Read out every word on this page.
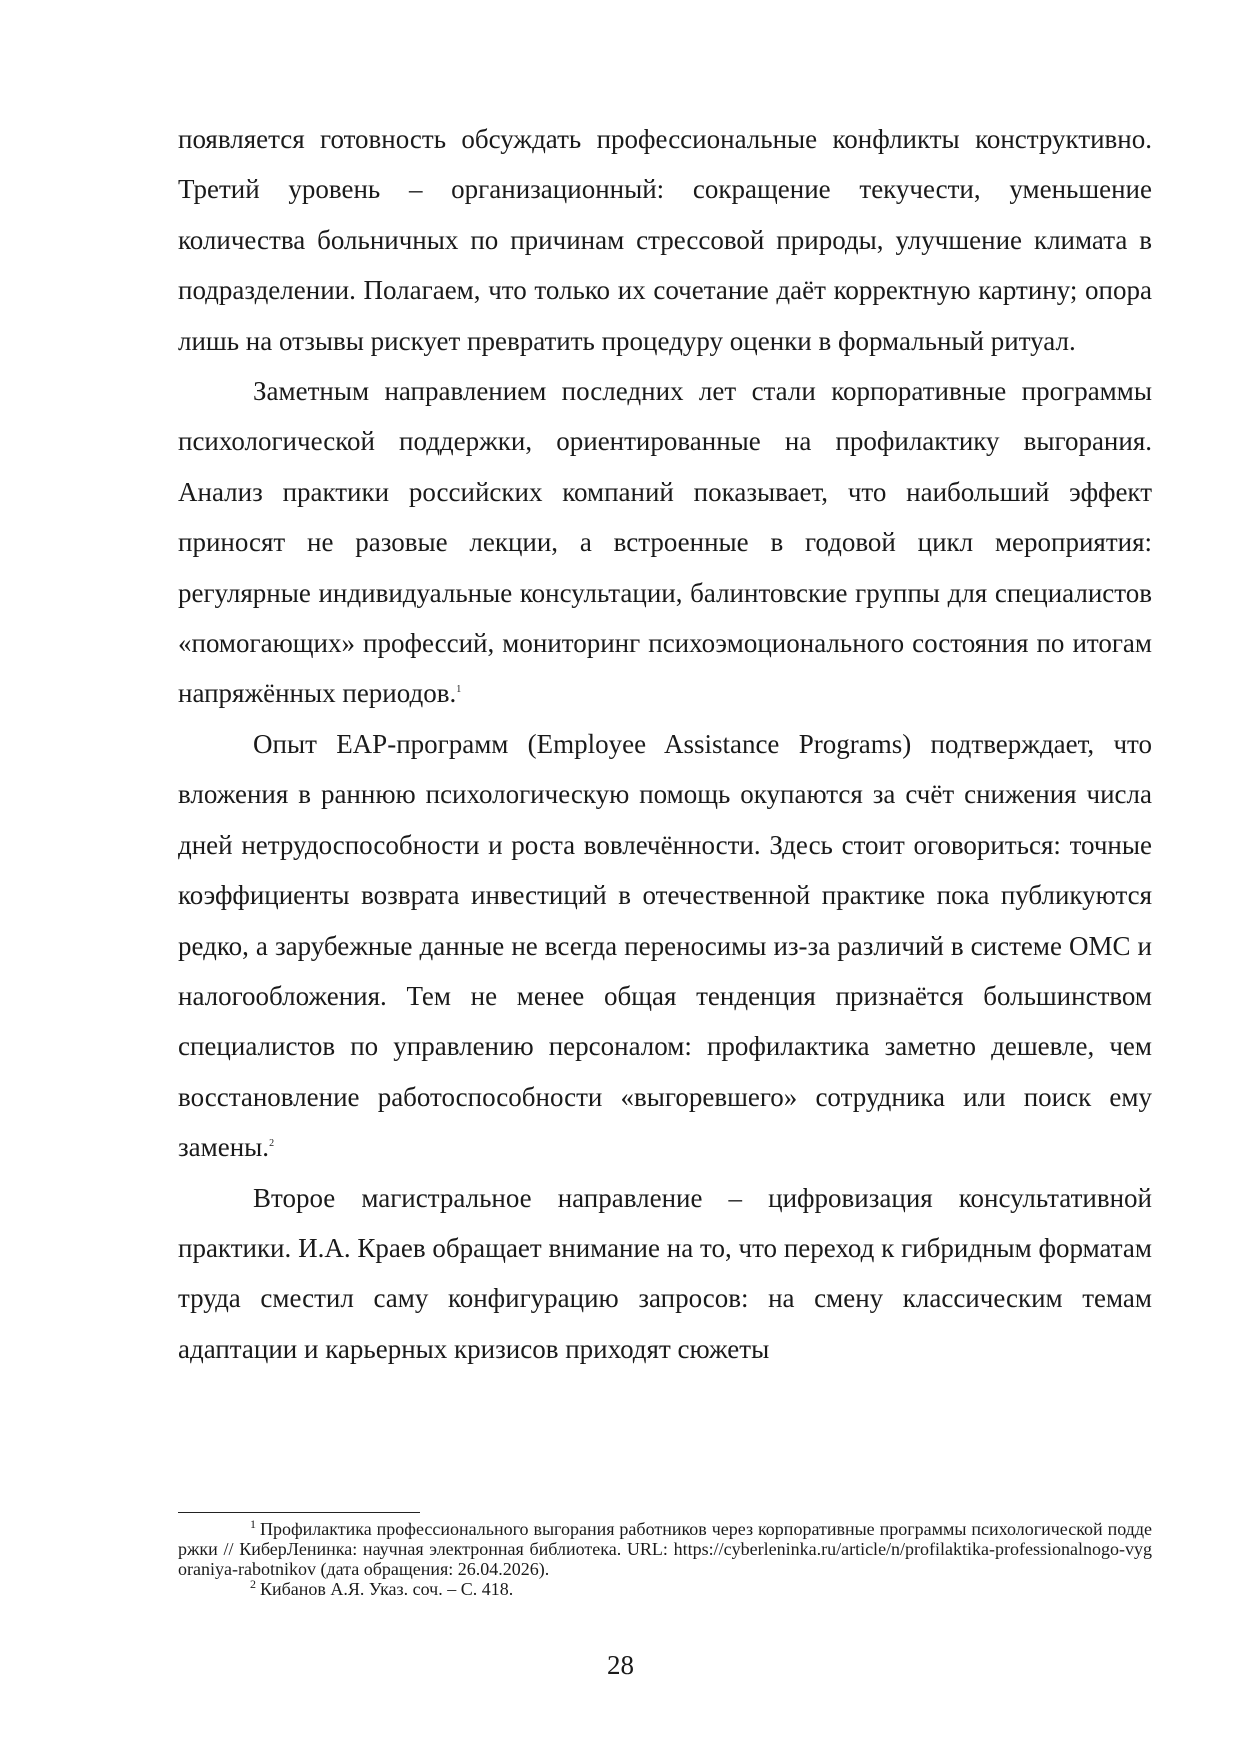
появляется готовность обсуждать профессиональные конфликты конструктивно. Третий уровень – организационный: сокращение текучести, уменьшение количества больничных по причинам стрессовой природы, улучшение климата в подразделении. Полагаем, что только их сочетание даёт корректную картину; опора лишь на отзывы рискует превратить процедуру оценки в формальный ритуал.

Заметным направлением последних лет стали корпоративные программы психологической поддержки, ориентированные на профилактику выгорания. Анализ практики российских компаний показывает, что наибольший эффект приносят не разовые лекции, а встроенные в годовой цикл мероприятия: регулярные индивидуальные консультации, балинтовские группы для специалистов «помогающих» профессий, мониторинг психоэмоционального состояния по итогам напряжённых периодов.$^1$

Опыт EAP-программ (Employee Assistance Programs) подтверждает, что вложения в раннюю психологическую помощь окупаются за счёт снижения числа дней нетрудоспособности и роста вовлечённости. Здесь стоит оговориться: точные коэффициенты возврата инвестиций в отечественной практике пока публикуются редко, а зарубежные данные не всегда переносимы из-за различий в системе ОМС и налогообложения. Тем не менее общая тенденция признаётся большинством специалистов по управлению персоналом: профилактика заметно дешевле, чем восстановление работоспособности «выгоревшего» сотрудника или поиск ему замены.$^2$

Второе магистральное направление – цифровизация консультативной практики. И.А. Краев обращает внимание на то, что переход к гибридным форматам труда сместил саму конфигурацию запросов: на смену классическим темам адаптации и карьерных кризисов приходят сюжеты

$^1$ Профилактика профессионального выгорания работников через корпоративные программы психологической поддержки // КиберЛенинка: научная электронная библиотека. URL: https://cyberleninka.ru/article/n/profilaktika-professionalnogo-vygoraniya-rabotnikov (дата обращения: 26.04.2026).

$^2$ Кибанов А.Я. Указ. соч. – С. 418.

28
